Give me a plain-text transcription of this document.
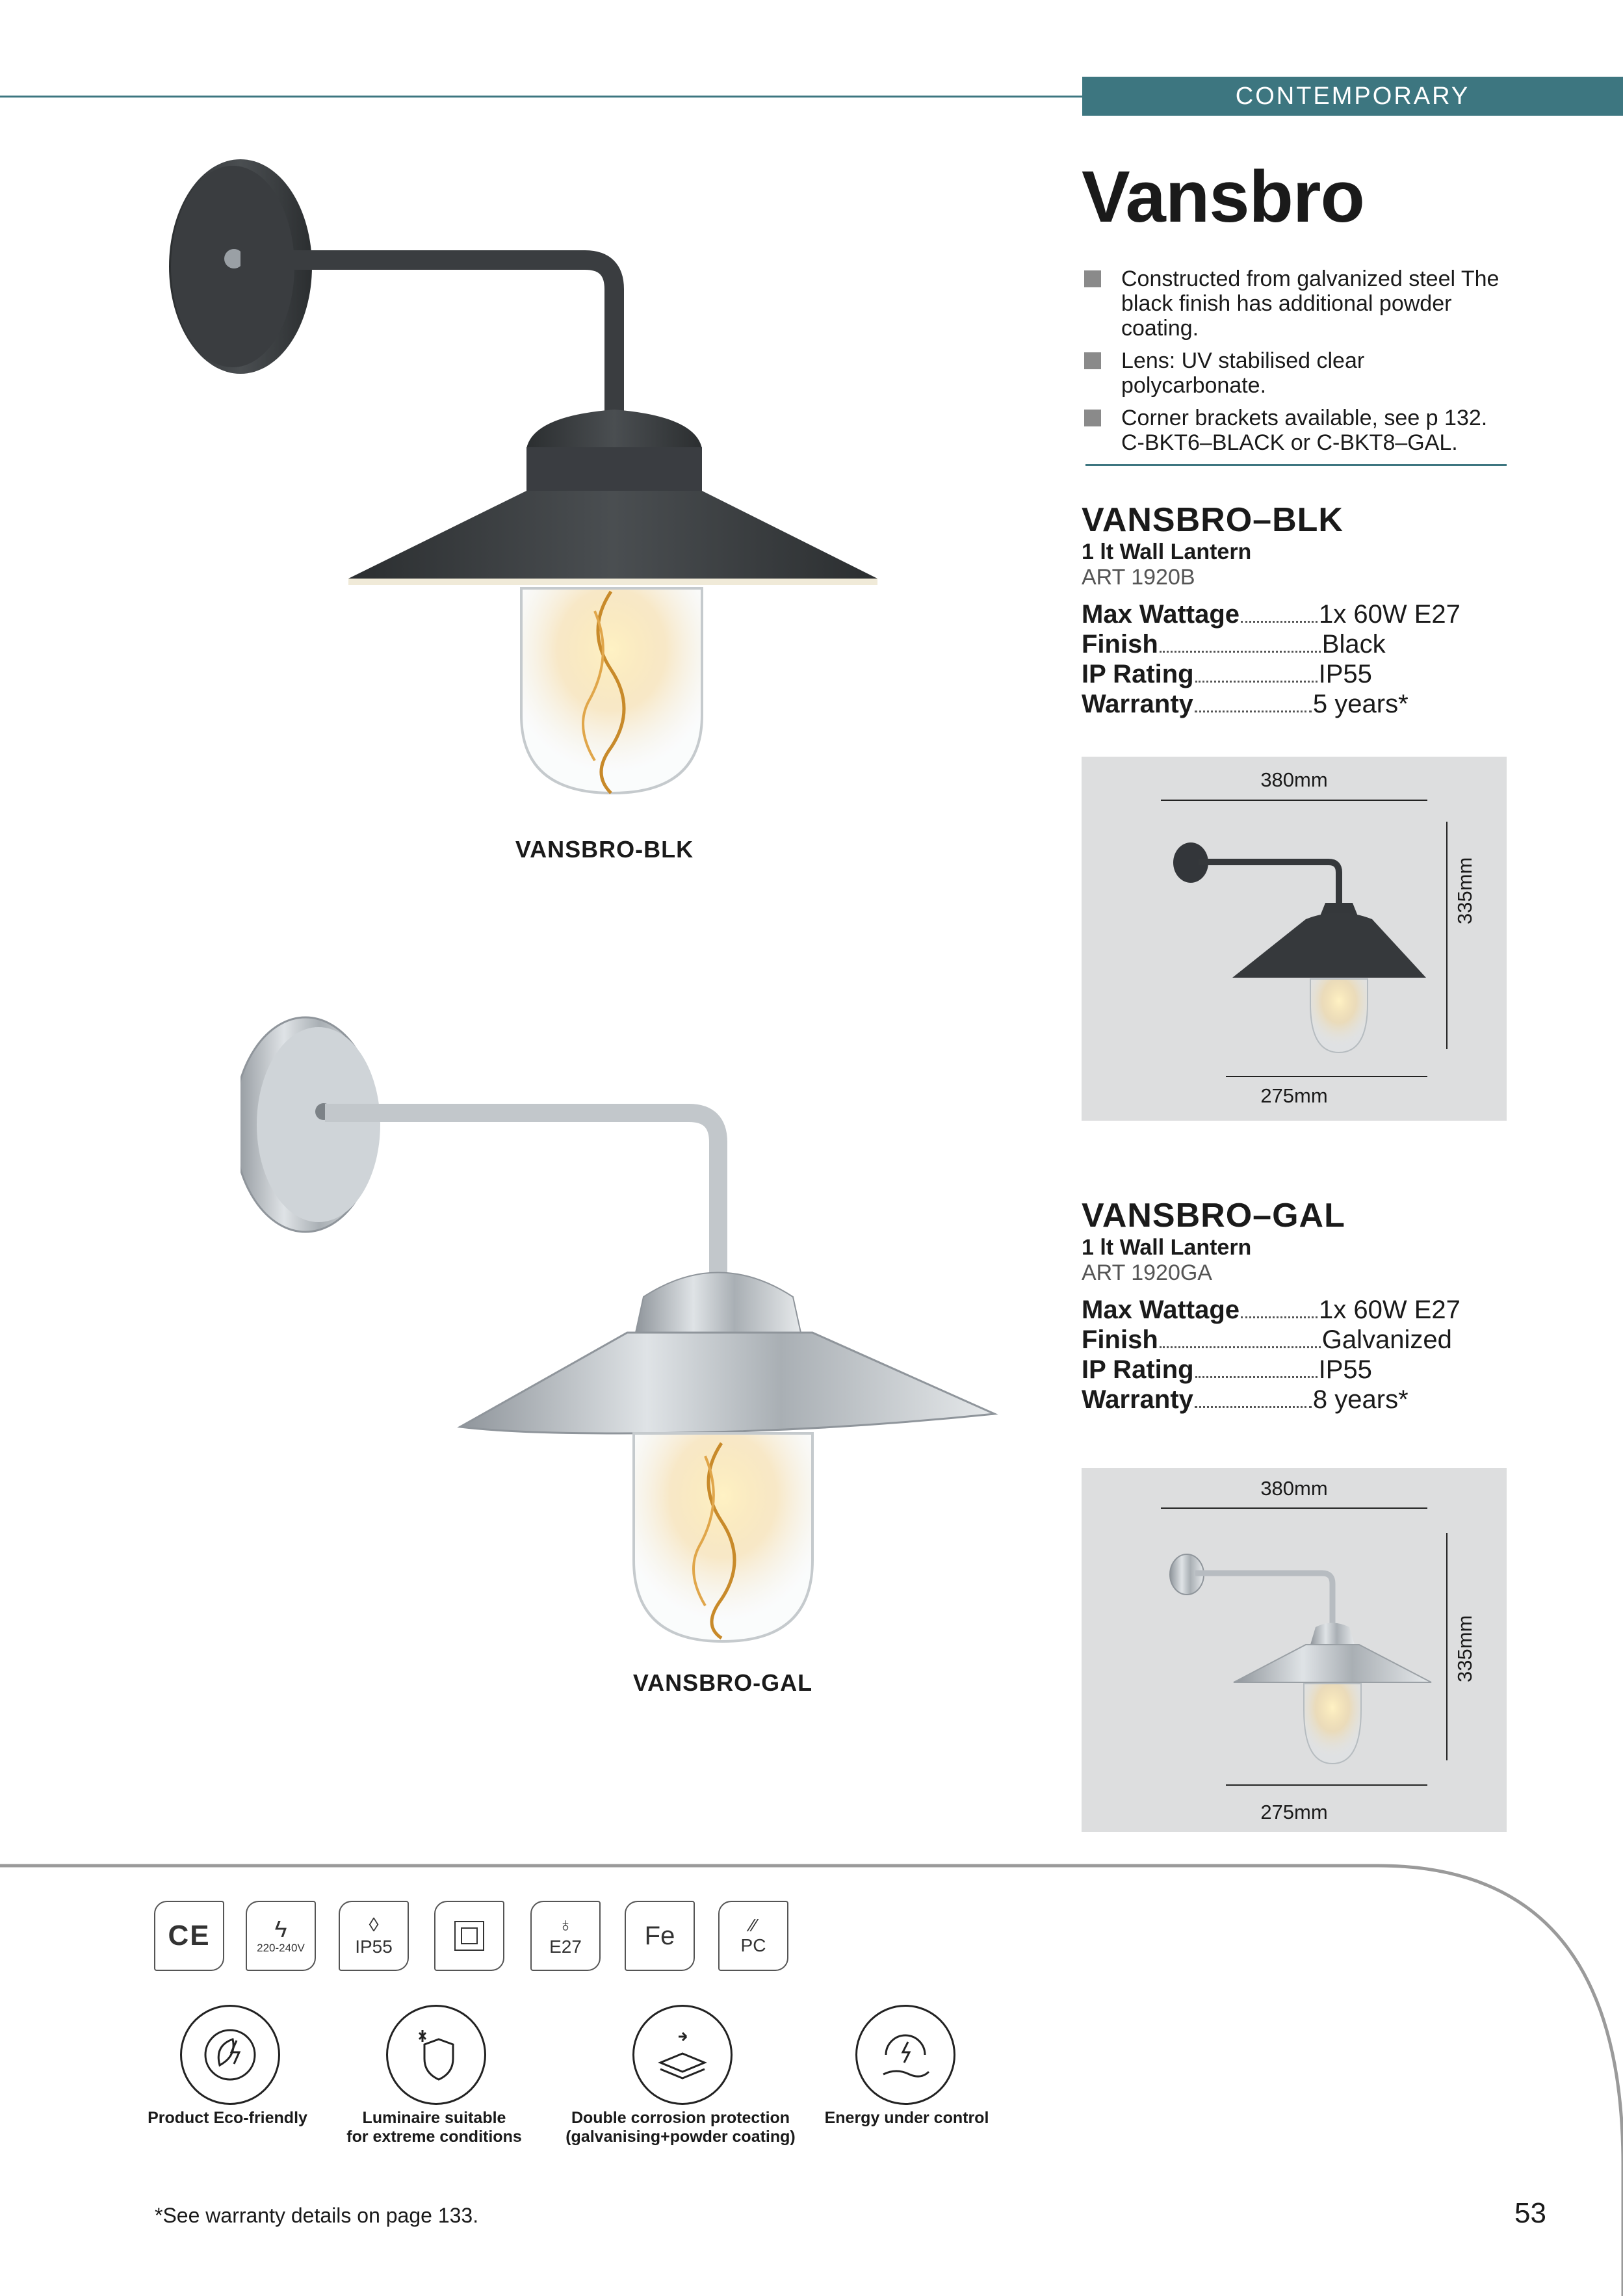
CONTEMPORARY
Vansbro
Constructed from galvanized steel The black finish has additional powder coating.
Lens: UV stabilised clear polycarbonate.
Corner brackets available, see p 132. C-BKT6–BLACK or C-BKT8–GAL.
VANSBRO–BLK
1 lt Wall Lantern
ART 1920B
Max Wattage	1x 60W E27
Finish	Black
IP Rating	IP55
Warranty	5 years*
380mm
335mm
275mm
VANSBRO–GAL
1 lt Wall Lantern
ART 1920GA
Max Wattage	1x 60W E27
Finish	Galvanized
IP Rating	IP55
Warranty	8 years*
380mm
335mm
275mm
VANSBRO-BLK
VANSBRO-GAL
CE	ϟ
220-240V
◊
IP55
♁
E27 Fe	⁄⁄
PC
Product Eco-friendly	Luminaire suitable
for extreme conditions
Double corrosion protection
(galvanising+powder coating)
Energy under control
*See warranty details on page 133.	53
